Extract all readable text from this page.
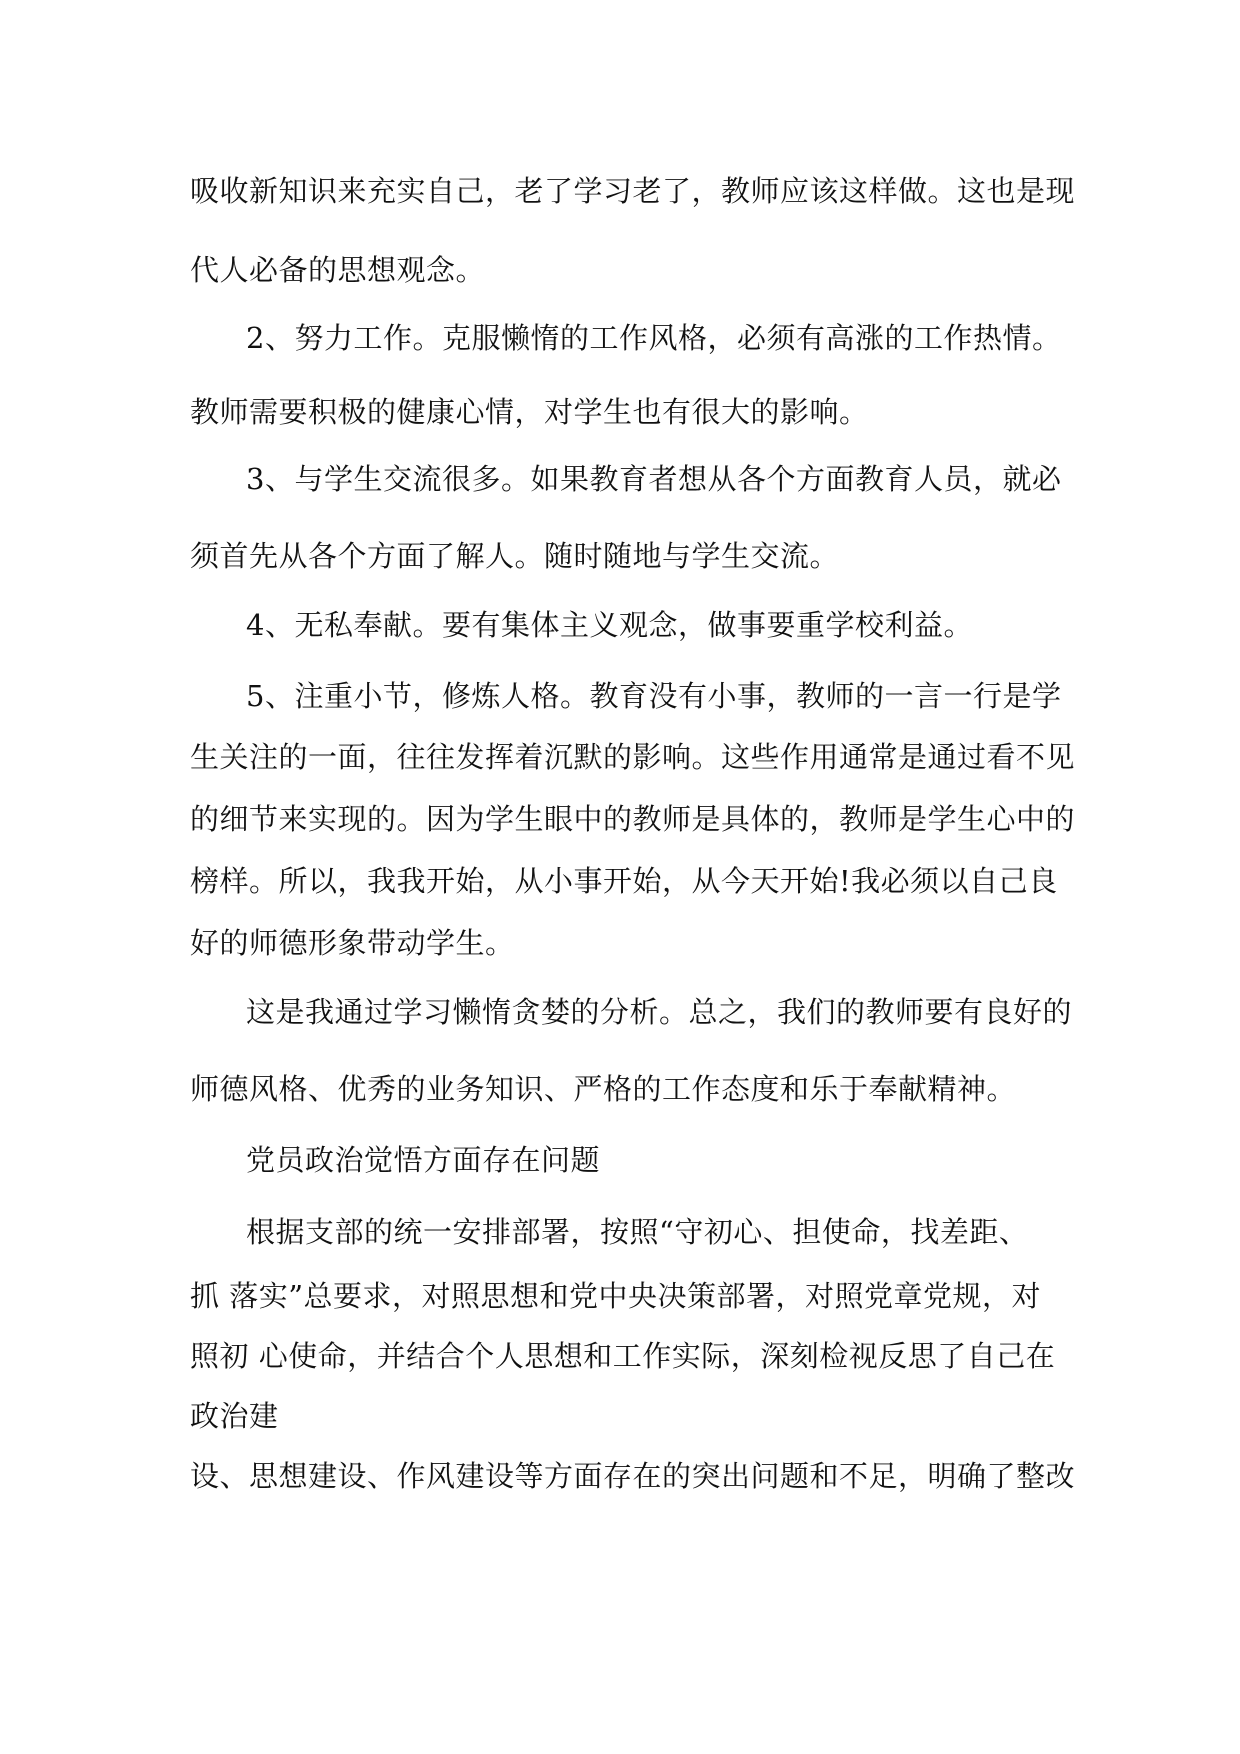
吸收新知识来充实自己，老了学习老了，教师应该这样做。这也是现
代人必备的思想观念。
2、努力工作。克服懒惰的工作风格，必须有高涨的工作热情。
教师需要积极的健康心情，对学生也有很大的影响。
3、与学生交流很多。如果教育者想从各个方面教育人员，就必
须首先从各个方面了解人。随时随地与学生交流。
4、无私奉献。要有集体主义观念，做事要重学校利益。
5、注重小节，修炼人格。教育没有小事，教师的一言一行是学
生关注的一面，往往发挥着沉默的影响。这些作用通常是通过看不见
的细节来实现的。因为学生眼中的教师是具体的，教师是学生心中的
榜样。所以，我我开始，从小事开始，从今天开始!我必须以自己良
好的师德形象带动学生。
这是我通过学习懒惰贪婪的分析。总之，我们的教师要有良好的
师德风格、优秀的业务知识、严格的工作态度和乐于奉献精神。
党员政治觉悟方面存在问题
根据支部的统一安排部署，按照“守初心、担使命，找差距、
抓 落实”总要求，对照思想和党中央决策部署，对照党章党规，对
照初 心使命，并结合个人思想和工作实际，深刻检视反思了自己在
政治建
设、思想建设、作风建设等方面存在的突出问题和不足，明确了整改
